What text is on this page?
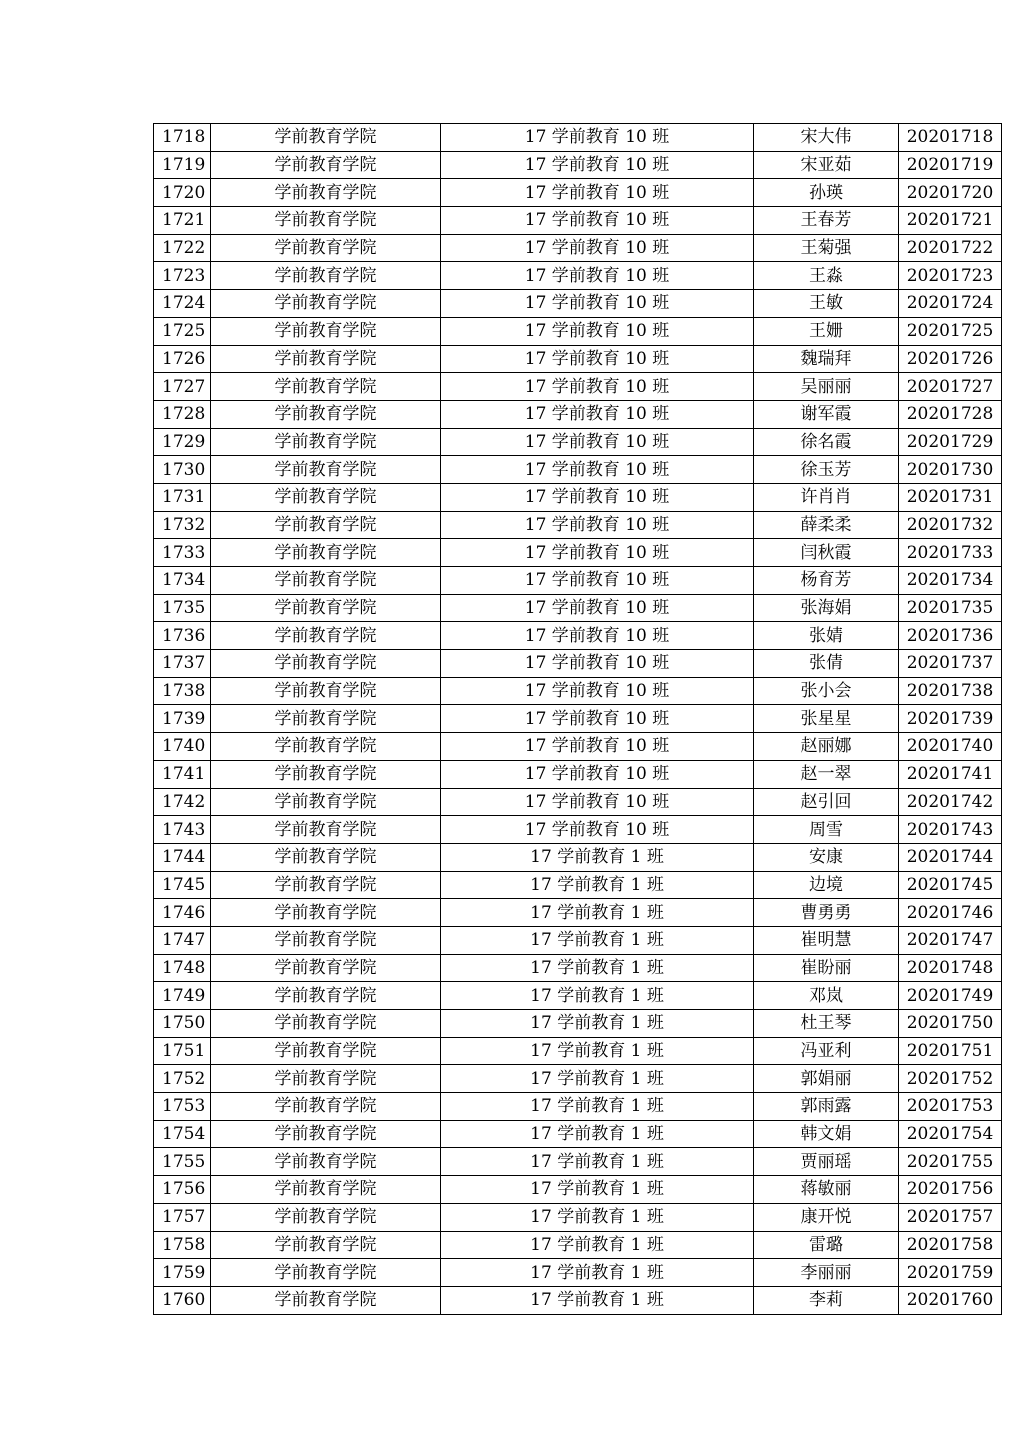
1718	学前教育学院	17 学前教育 10 班	宋大伟	20201718
1719	学前教育学院	17 学前教育 10 班	宋亚茹	20201719
1720	学前教育学院	17 学前教育 10 班	孙瑛	20201720
1721	学前教育学院	17 学前教育 10 班	王春芳	20201721
1722	学前教育学院	17 学前教育 10 班	王菊强	20201722
1723	学前教育学院	17 学前教育 10 班	王淼	20201723
1724	学前教育学院	17 学前教育 10 班	王敏	20201724
1725	学前教育学院	17 学前教育 10 班	王姗	20201725
1726	学前教育学院	17 学前教育 10 班	魏瑞拜	20201726
1727	学前教育学院	17 学前教育 10 班	吴丽丽	20201727
1728	学前教育学院	17 学前教育 10 班	谢军霞	20201728
1729	学前教育学院	17 学前教育 10 班	徐名霞	20201729
1730	学前教育学院	17 学前教育 10 班	徐玉芳	20201730
1731	学前教育学院	17 学前教育 10 班	许肖肖	20201731
1732	学前教育学院	17 学前教育 10 班	薛柔柔	20201732
1733	学前教育学院	17 学前教育 10 班	闫秋霞	20201733
1734	学前教育学院	17 学前教育 10 班	杨育芳	20201734
1735	学前教育学院	17 学前教育 10 班	张海娟	20201735
1736	学前教育学院	17 学前教育 10 班	张婧	20201736
1737	学前教育学院	17 学前教育 10 班	张倩	20201737
1738	学前教育学院	17 学前教育 10 班	张小会	20201738
1739	学前教育学院	17 学前教育 10 班	张星星	20201739
1740	学前教育学院	17 学前教育 10 班	赵丽娜	20201740
1741	学前教育学院	17 学前教育 10 班	赵一翠	20201741
1742	学前教育学院	17 学前教育 10 班	赵引回	20201742
1743	学前教育学院	17 学前教育 10 班	周雪	20201743
1744	学前教育学院	17 学前教育 1 班	安康	20201744
1745	学前教育学院	17 学前教育 1 班	边境	20201745
1746	学前教育学院	17 学前教育 1 班	曹勇勇	20201746
1747	学前教育学院	17 学前教育 1 班	崔明慧	20201747
1748	学前教育学院	17 学前教育 1 班	崔盼丽	20201748
1749	学前教育学院	17 学前教育 1 班	邓岚	20201749
1750	学前教育学院	17 学前教育 1 班	杜王琴	20201750
1751	学前教育学院	17 学前教育 1 班	冯亚利	20201751
1752	学前教育学院	17 学前教育 1 班	郭娟丽	20201752
1753	学前教育学院	17 学前教育 1 班	郭雨露	20201753
1754	学前教育学院	17 学前教育 1 班	韩文娟	20201754
1755	学前教育学院	17 学前教育 1 班	贾丽瑶	20201755
1756	学前教育学院	17 学前教育 1 班	蒋敏丽	20201756
1757	学前教育学院	17 学前教育 1 班	康开悦	20201757
1758	学前教育学院	17 学前教育 1 班	雷璐	20201758
1759	学前教育学院	17 学前教育 1 班	李丽丽	20201759
1760	学前教育学院	17 学前教育 1 班	李莉	20201760
